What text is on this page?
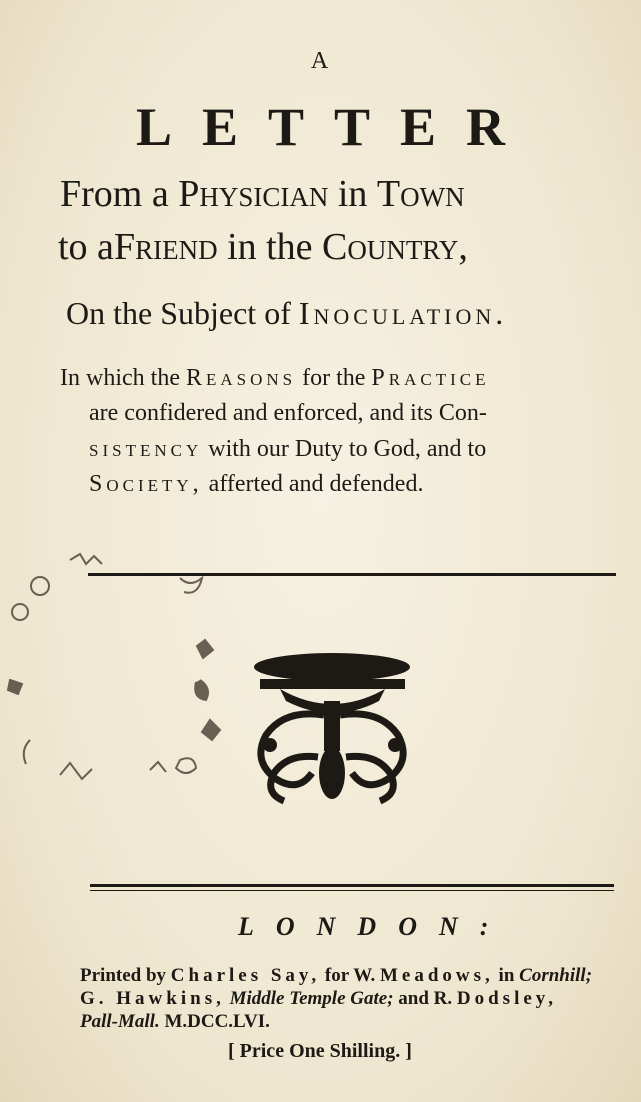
A
LETTER
From a Physician in Town
to aFriend in the Country,
On the Subject of Inoculation.
In which the Reasons for the Practice
are confidered and enforced, and its Con-
sistency with our Duty to God, and to
Society, afferted and defended.
LONDON:
Printed by Charles Say, for W. Meadows, in Cornhill;
G. Hawkins, Middle Temple Gate; and R. Dodsley,
Pall-Mall. M.DCC.LVI.
[ Price One Shilling. ]
